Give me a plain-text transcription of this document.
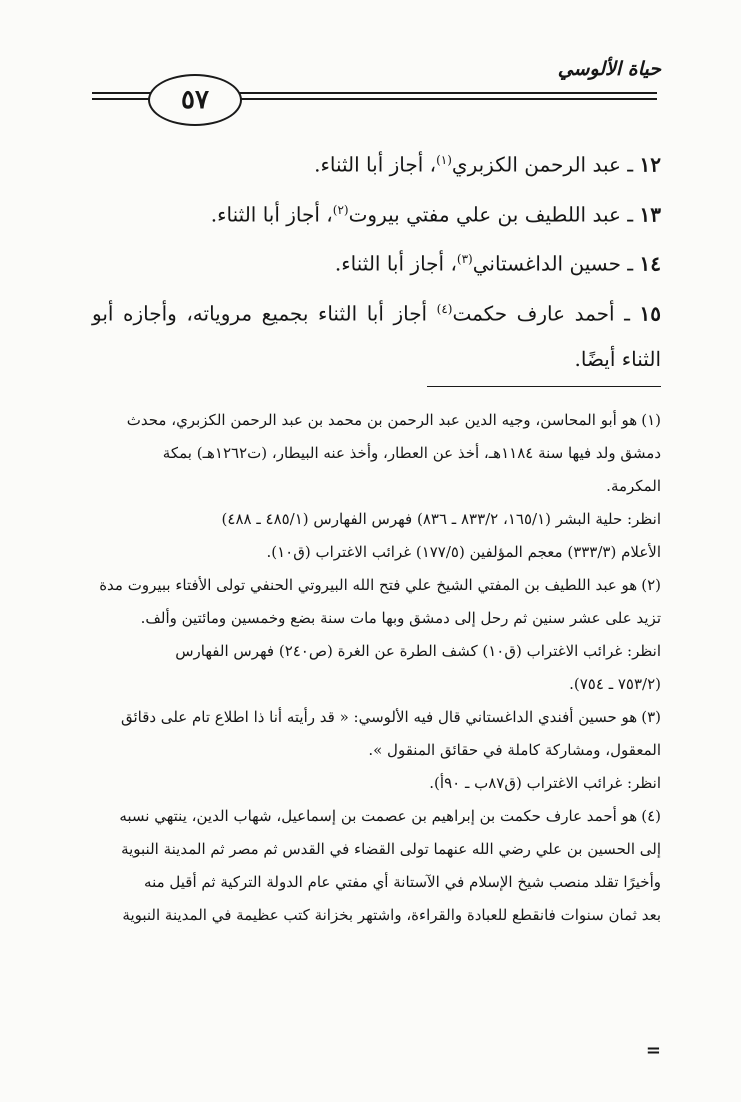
حياة الألوسي
٥٧
١٢ ـ عبد الرحمن الكزبري$^{(١)}$، أجاز أبا الثناء.
١٣ ـ عبد اللطيف بن علي مفتي بيروت$^{(٢)}$، أجاز أبا الثناء.
١٤ ـ حسين الداغستاني$^{(٣)}$، أجاز أبا الثناء.
١٥ ـ أحمد عارف حكمت$^{(٤)}$ أجاز أبا الثناء بجميع مروياته، وأجازه أبو الثناء أيضًا.
(١)هو أبو المحاسن، وجيه الدين عبد الرحمن بن محمد بن عبد الرحمن الكزبري، محدث
دمشق ولد فيها سنة ١١٨٤هـ، أخذ عن العطار، وأخذ عنه البيطار، (ت١٢٦٢هـ) بمكة
المكرمة.
انظر: حلية البشر (١٦٥/١، ٨٣٣/٢ ـ ٨٣٦) فهرس الفهارس (٤٨٥/١ ـ ٤٨٨)
الأعلام (٣٣٣/٣) معجم المؤلفين (١٧٧/٥) غرائب الاغتراب (ق١٠).
(٢)هو عبد اللطيف بن المفتي الشيخ علي فتح الله البيروتي الحنفي تولى الأفتاء ببيروت مدة
تزيد على عشر سنين ثم رحل إلى دمشق وبها مات سنة بضع وخمسين ومائتين وألف.
انظر: غرائب الاغتراب (ق١٠) كشف الطرة عن الغرة (ص٢٤٠) فهرس الفهارس
(٧٥٣/٢ ـ ٧٥٤).
(٣)هو حسين أفندي الداغستاني قال فيه الألوسي: « قد رأيته أنا ذا اطلاع تام على دقائق
المعقول، ومشاركة كاملة في حقائق المنقول ».
انظر: غرائب الاغتراب (ق٨٧ب ـ ٩٠أ).
(٤)هو أحمد عارف حكمت بن إبراهيم بن عصمت بن إسماعيل، شهاب الدين، ينتهي نسبه
إلى الحسين بن علي رضي الله عنهما تولى القضاء في القدس ثم مصر ثم المدينة النبوية
وأخيرًا تقلد منصب شيخ الإسلام في الآستانة أي مفتي عام الدولة التركية ثم أقيل منه
بعد ثمان سنوات فانقطع للعبادة والقراءة، واشتهر بخزانة كتب عظيمة في المدينة النبوية
=
